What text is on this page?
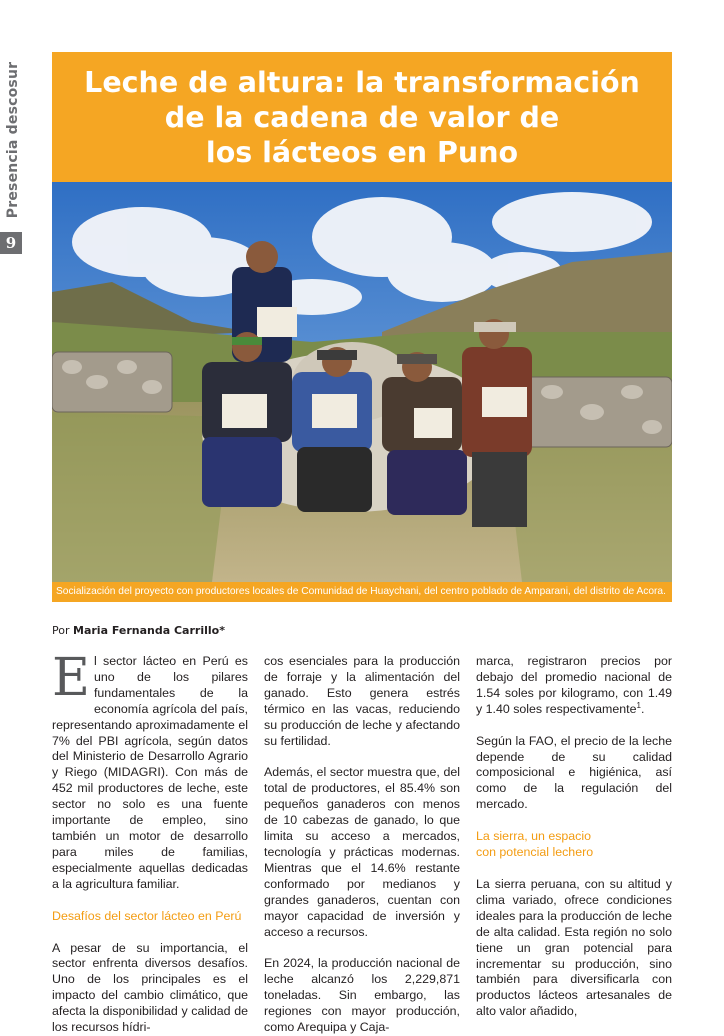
Presencia descosur
9
Leche de altura: la transformación
de la cadena de valor de
los lácteos en Puno
Socialización del proyecto con productores locales de Comunidad de Huaychani, del centro poblado de Amparani, del distrito de Acora.
Por Maria Fernanda Carrillo*

El sector lácteo en Perú es uno de los pilares fundamentales de la economía agrícola del país, representando aproximadamente el 7% del PBI agrícola, según datos del Ministerio de Desarrollo Agrario y Riego (MIDAGRI). Con más de 452 mil productores de leche, este sector no solo es una fuente importante de empleo, sino también un motor de desarrollo para miles de familias, especialmente aquellas dedicadas a la agricultura familiar.

Desafíos del sector lácteo en Perú

A pesar de su importancia, el sector enfrenta diversos desafíos. Uno de los principales es el impacto del cambio climático, que afecta la disponibilidad y calidad de los recursos hídri-

cos esenciales para la producción de forraje y la alimentación del ganado. Esto genera estrés térmico en las vacas, reduciendo su producción de leche y afectando su fertilidad.

Además, el sector muestra que, del total de productores, el 85.4% son pequeños ganaderos con menos de 10 cabezas de ganado, lo que limita su acceso a mercados, tecnología y prácticas modernas. Mientras que el 14.6% restante conformado por medianos y grandes ganaderos, cuentan con mayor capacidad de inversión y acceso a recursos.

En 2024, la producción nacional de leche alcanzó los 2,229,871 toneladas. Sin embargo, las regiones con mayor producción, como Arequipa y Caja-

marca, registraron precios por debajo del promedio nacional de 1.54 soles por kilogramo, con 1.49 y 1.40 soles respectivamente$^1$.

Según la FAO, el precio de la leche depende de su calidad composicional e higiénica, así como de la regulación del mercado.

La sierra, un espacio
con potencial lechero

La sierra peruana, con su altitud y clima variado, ofrece condiciones ideales para la producción de leche de alta calidad. Esta región no solo tiene un gran potencial para incrementar su producción, sino también para diversificarla con productos lácteos artesanales de alto valor añadido,
